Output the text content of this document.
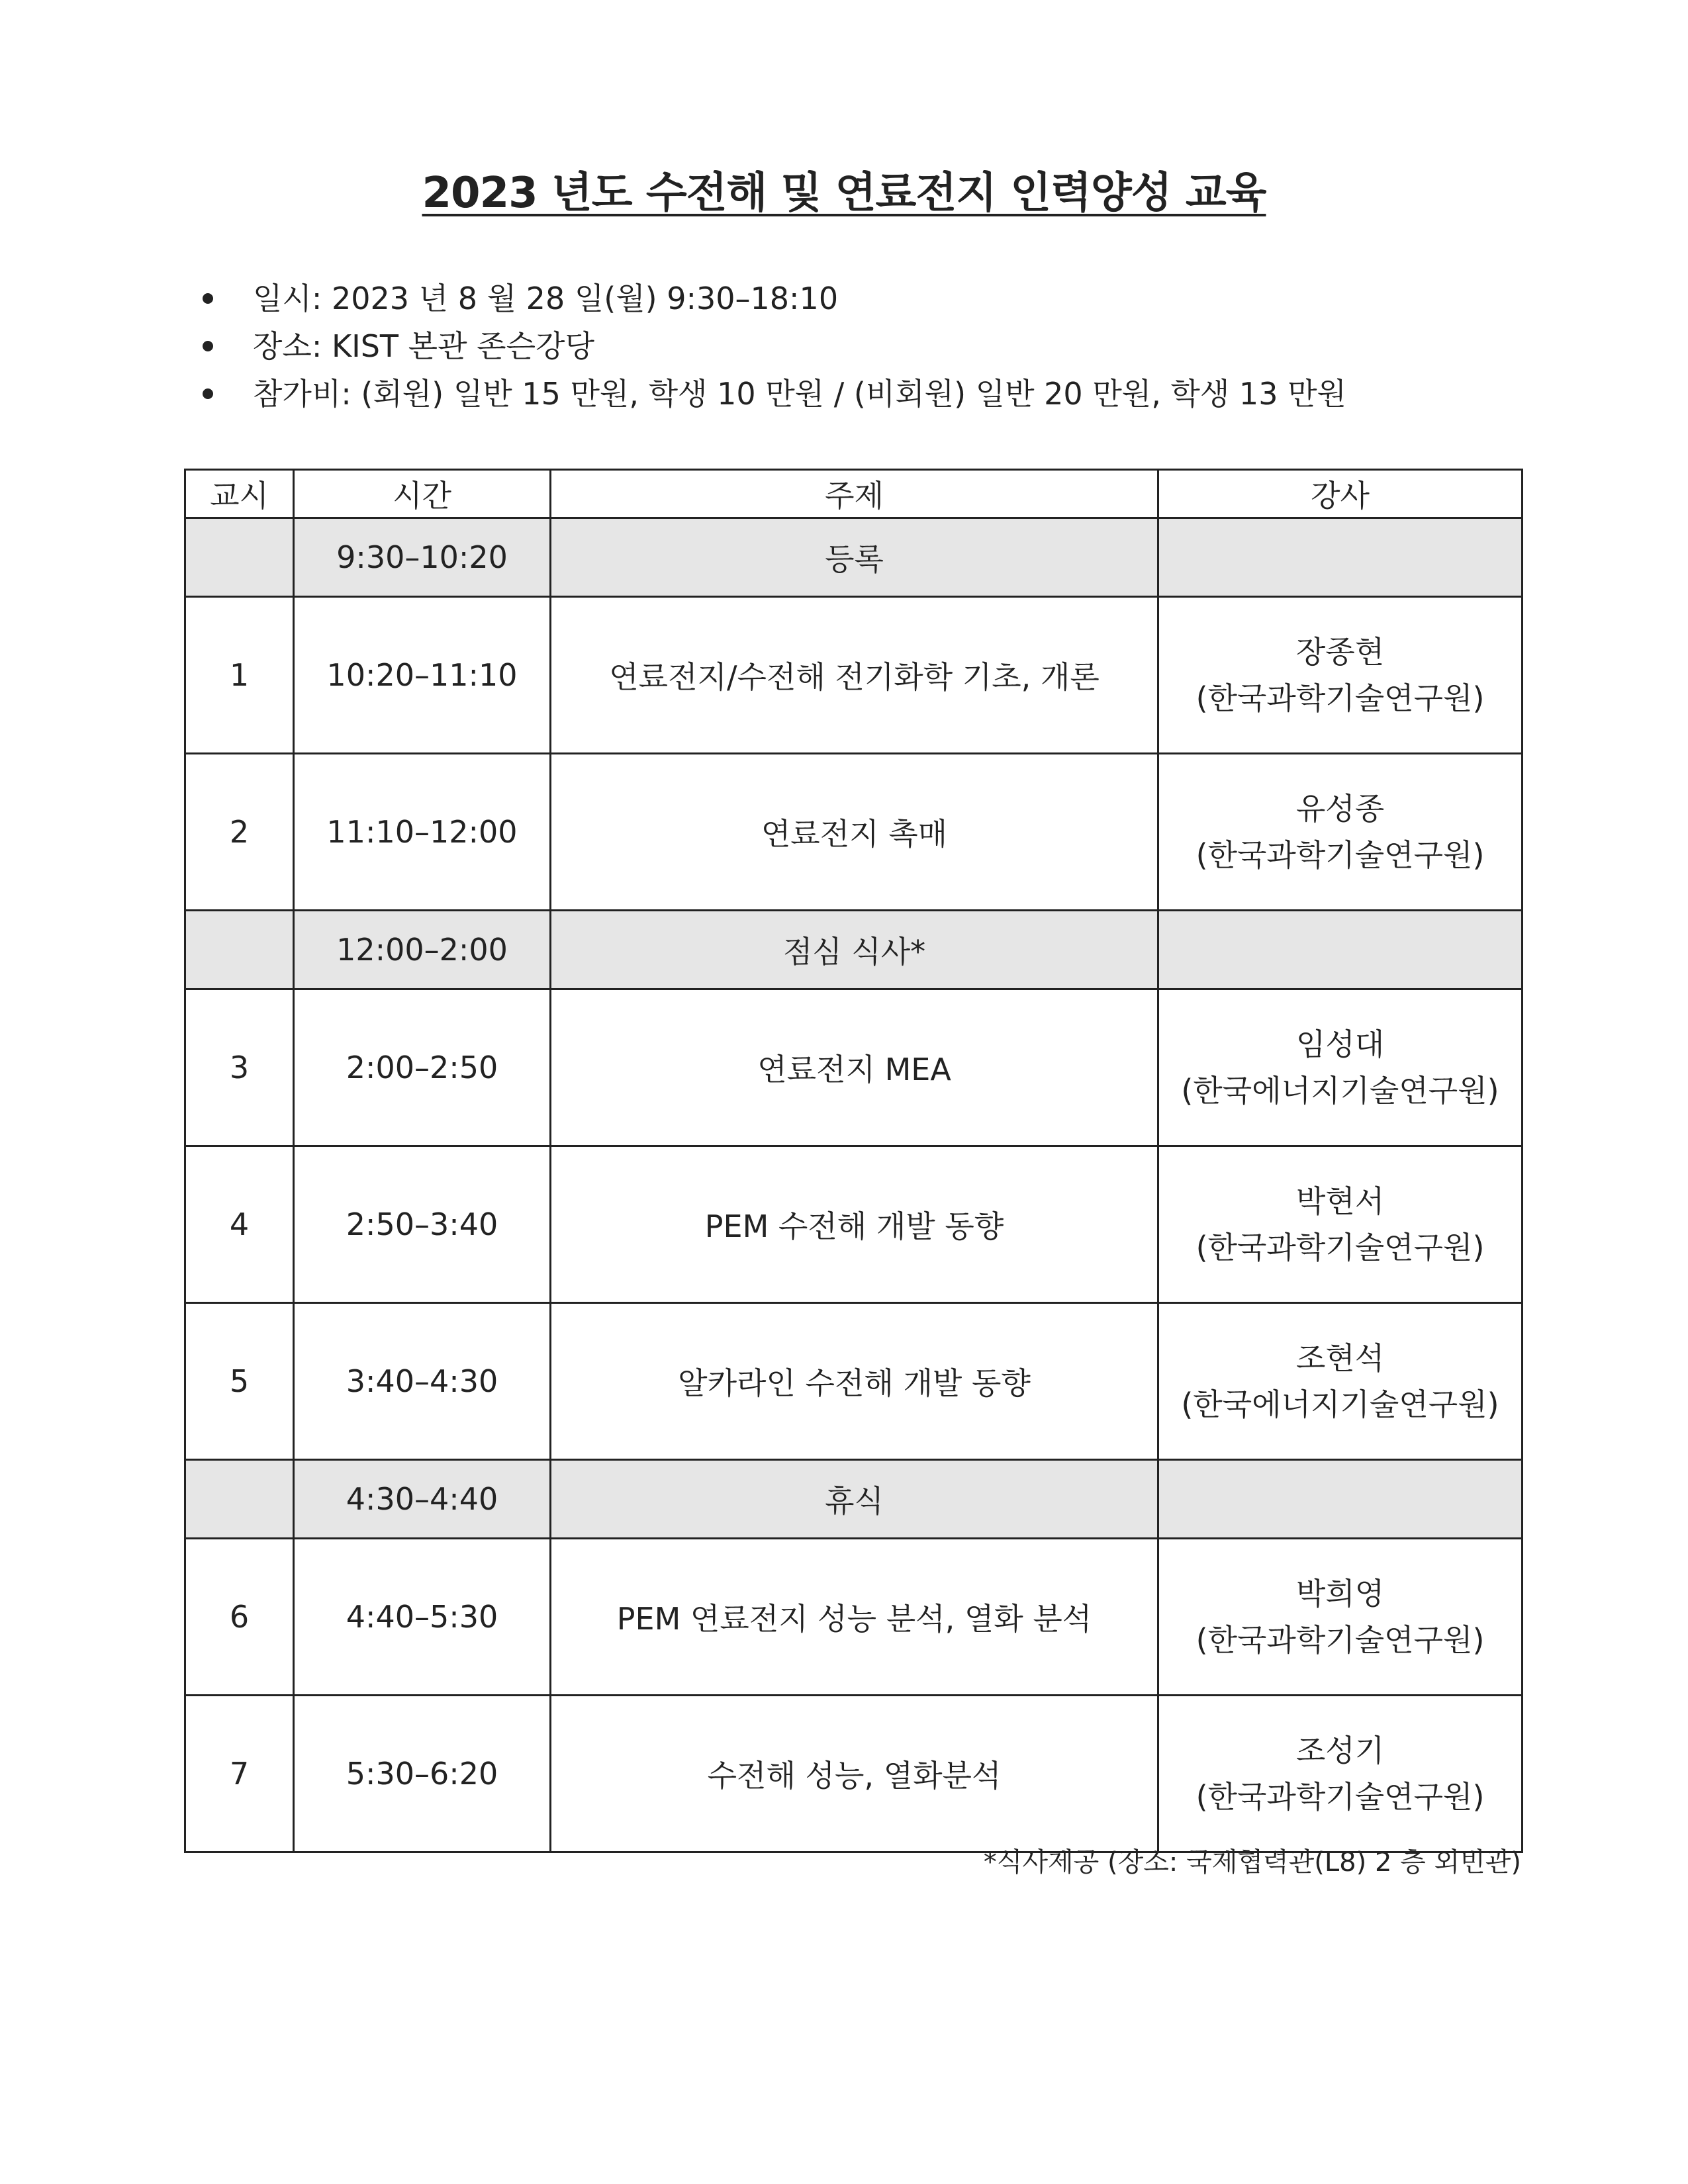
2023 년도 수전해 및 연료전지 인력양성 교육
일시: 2023 년 8 월 28 일(월) 9:30–18:10
장소: KIST 본관 존슨강당
참가비: (회원) 일반 15 만원, 학생 10 만원 / (비회원) 일반 20 만원, 학생 13 만원
교시	시간	주제	강사
	9:30–10:20	등록	

1	10:20–11:10	연료전지/수전해 전기화학 기초, 개론	장종현
(한국과학기술연구원)

2	11:10–12:00	연료전지 촉매	유성종
(한국과학기술연구원)

	12:00–2:00	점심 식사*	

3	2:00–2:50	연료전지 MEA	임성대
(한국에너지기술연구원)

4	2:50–3:40	PEM 수전해 개발 동향	박현서
(한국과학기술연구원)

5	3:40–4:30	알카라인 수전해 개발 동향	조현석
(한국에너지기술연구원)

	4:30–4:40	휴식	

6	4:40–5:30	PEM 연료전지 성능 분석, 열화 분석	박희영
(한국과학기술연구원)

7	5:30–6:20	수전해 성능, 열화분석	조성기
(한국과학기술연구원)
*식사제공 (장소: 국제협력관(L8) 2 층 외빈관)
